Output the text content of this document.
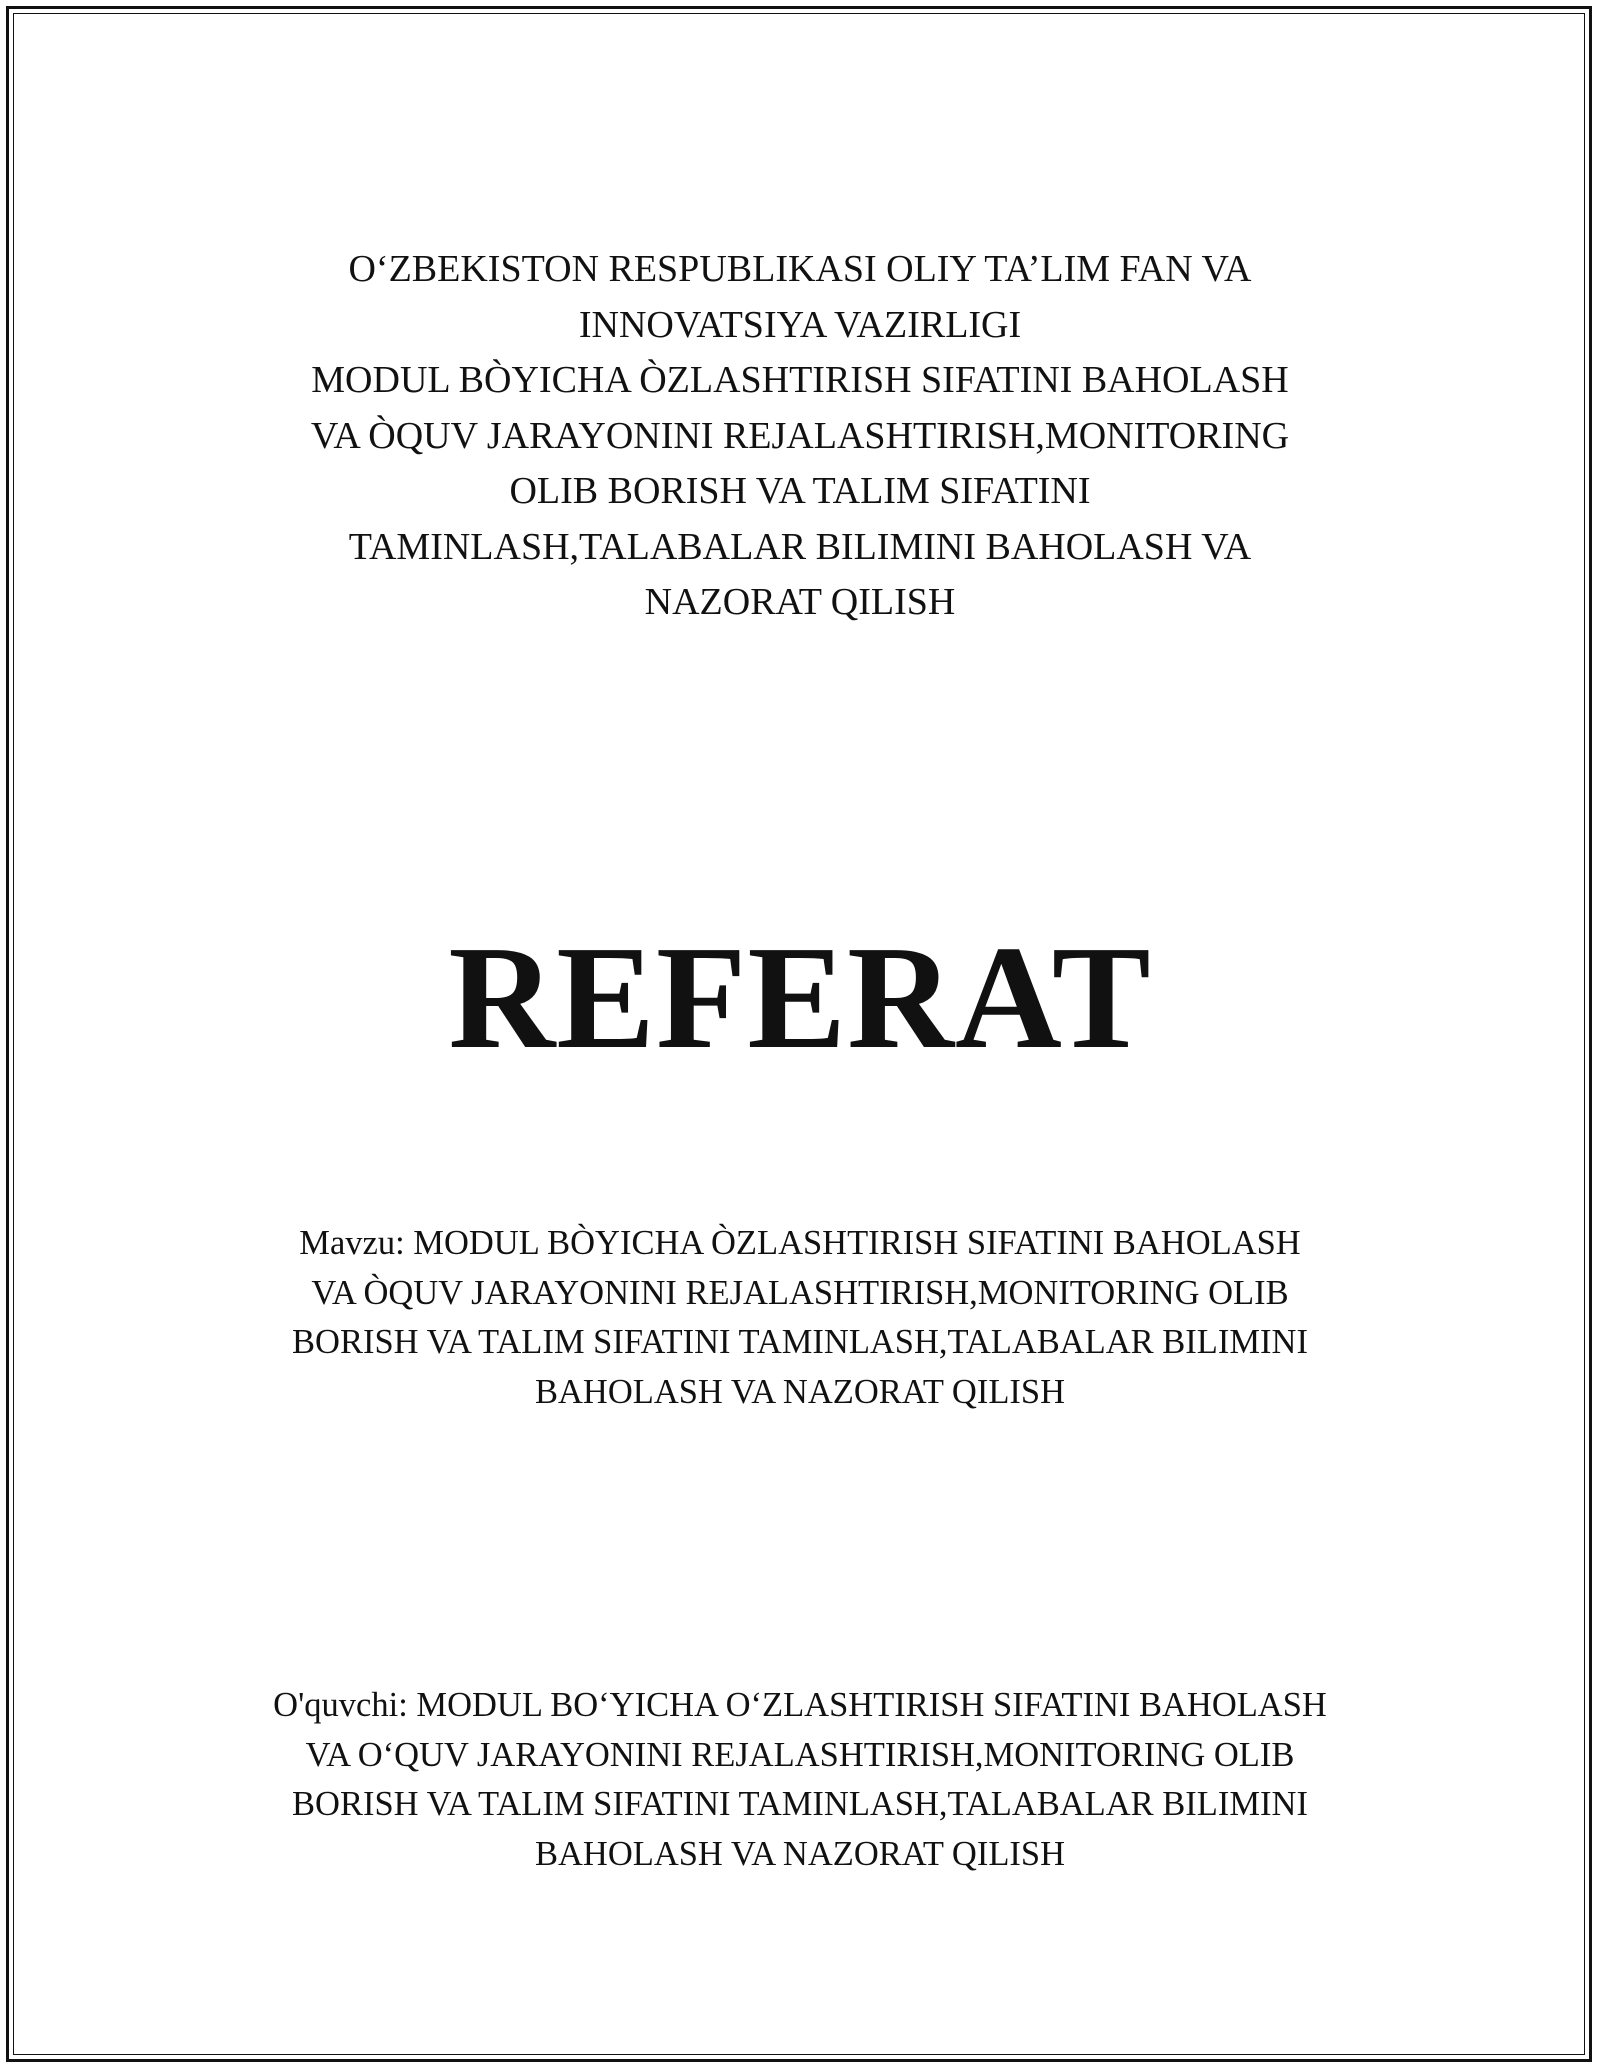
O‘ZBEKISTON RESPUBLIKASI OLIY TA’LIM FAN VA
INNOVATSIYA VAZIRLIGI
MODUL BÒYICHA ÒZLASHTIRISH SIFATINI BAHOLASH
VA ÒQUV JARAYONINI REJALASHTIRISH,MONITORING
OLIB BORISH VA TALIM SIFATINI
TAMINLASH,TALABALAR BILIMINI BAHOLASH VA
NAZORAT QILISH
REFERAT
Mavzu: MODUL BÒYICHA ÒZLASHTIRISH SIFATINI BAHOLASH
VA ÒQUV JARAYONINI REJALASHTIRISH,MONITORING OLIB
BORISH VA TALIM SIFATINI TAMINLASH,TALABALAR BILIMINI
BAHOLASH VA NAZORAT QILISH
O'quvchi: MODUL BO‘YICHA O‘ZLASHTIRISH SIFATINI BAHOLASH
VA O‘QUV JARAYONINI REJALASHTIRISH,MONITORING OLIB
BORISH VA TALIM SIFATINI TAMINLASH,TALABALAR BILIMINI
BAHOLASH VA NAZORAT QILISH
